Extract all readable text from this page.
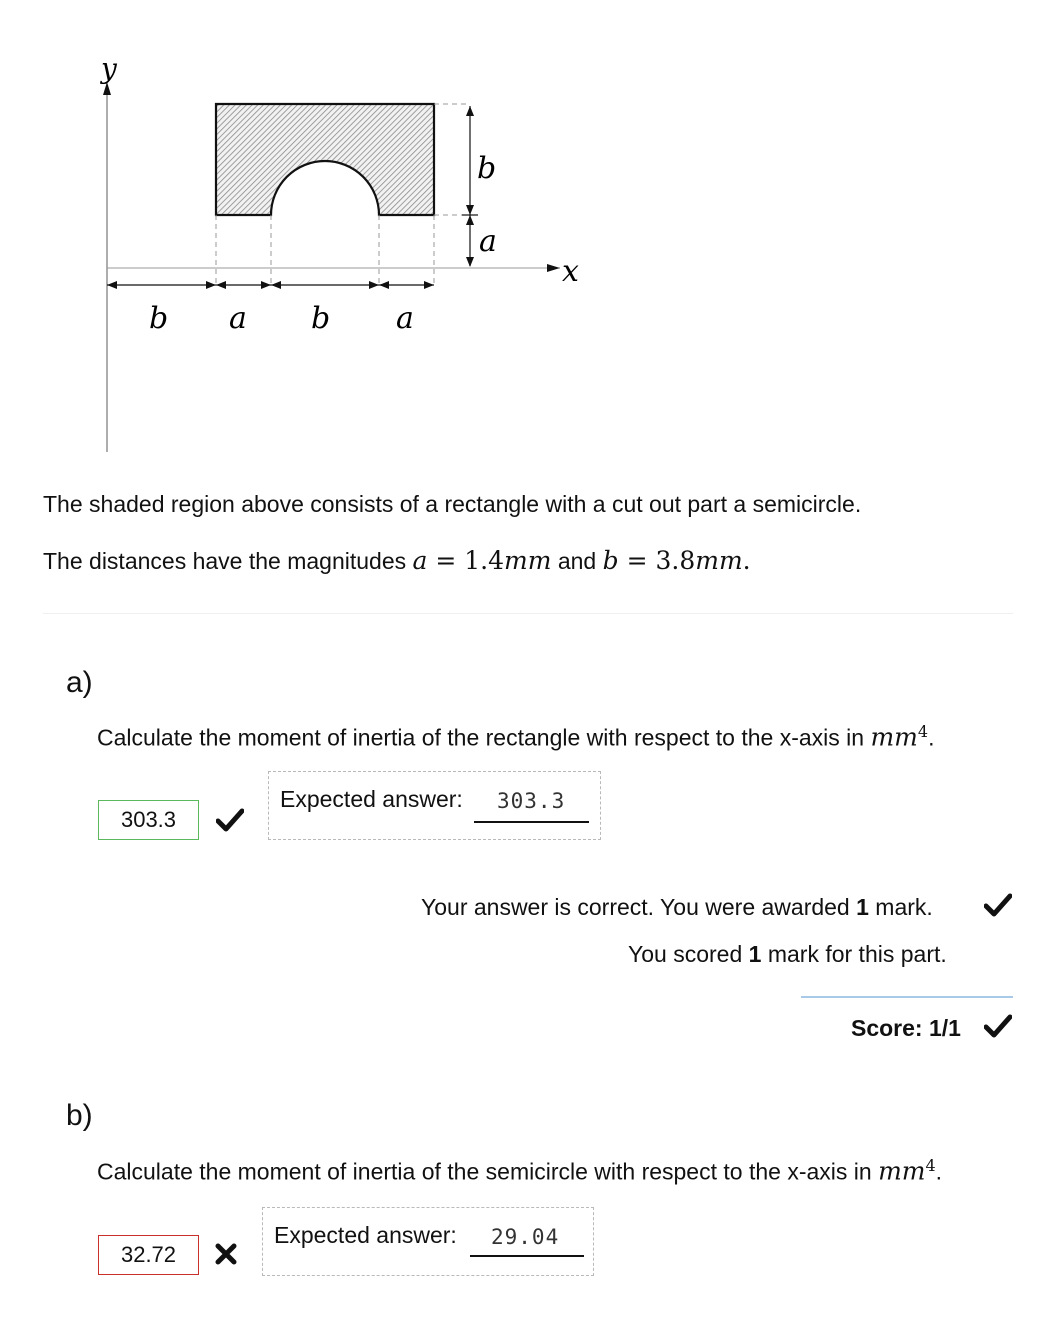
y
b
a
x
b a b a
The shaded region above consists of a rectangle with a cut out part a semicircle.
The distances have the magnitudes a = 1.4mm and b = 3.8mm.
a)
Calculate the moment of inertia of the rectangle with respect to the x-axis in $mm^4$.
303.3
Expected answer: 303.3
Your answer is correct. You were awarded 1 mark.
You scored 1 mark for this part.
Score: 1/1
b)
Calculate the moment of inertia of the semicircle with respect to the x-axis in $mm^4$.
32.72
Expected answer: 29.04
